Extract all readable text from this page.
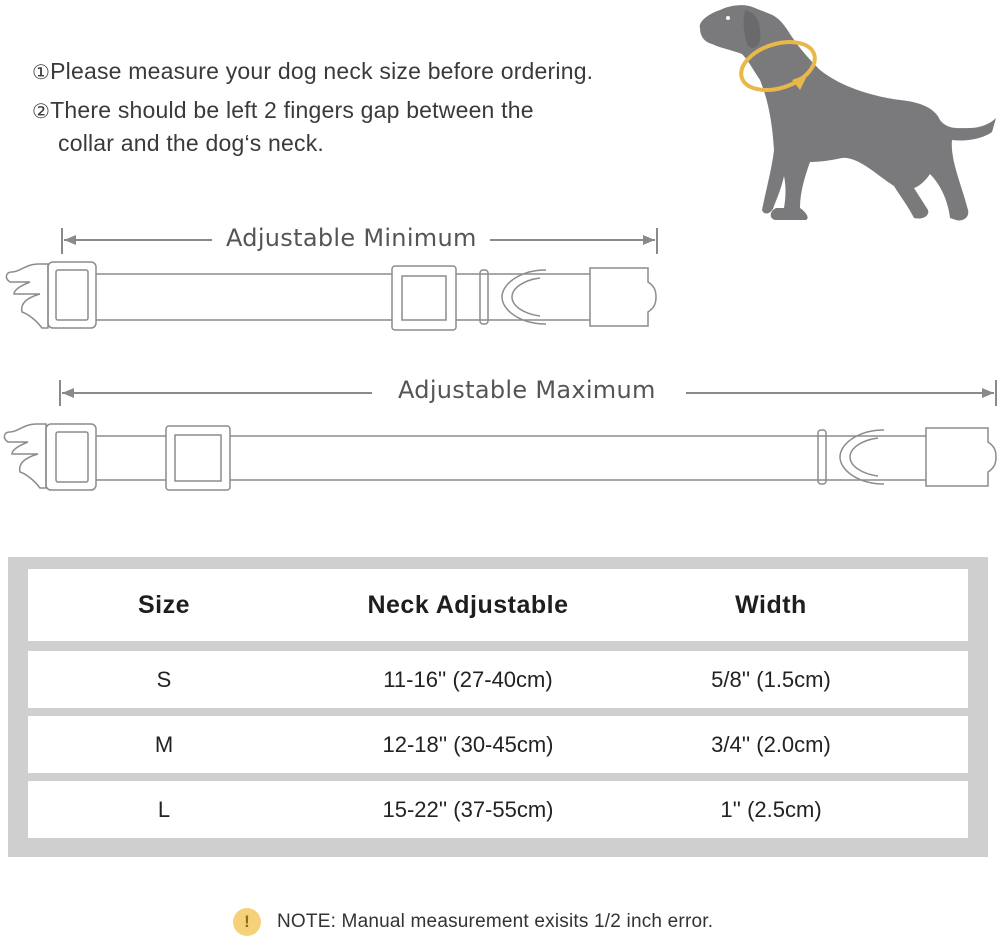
①Please measure your dog neck size before ordering.
②There should be left 2 fingers gap between the
collar and the dog‘s neck.
Adjustable Minimum
Adjustable Maximum
Size	Neck Adjustable	Width
S	11-16'' (27-40cm)	5/8'' (1.5cm)
M	12-18'' (30-45cm)	3/4'' (2.0cm)
L	15-22'' (37-55cm)	1'' (2.5cm)
!	NOTE: Manual measurement exisits 1/2 inch error.
